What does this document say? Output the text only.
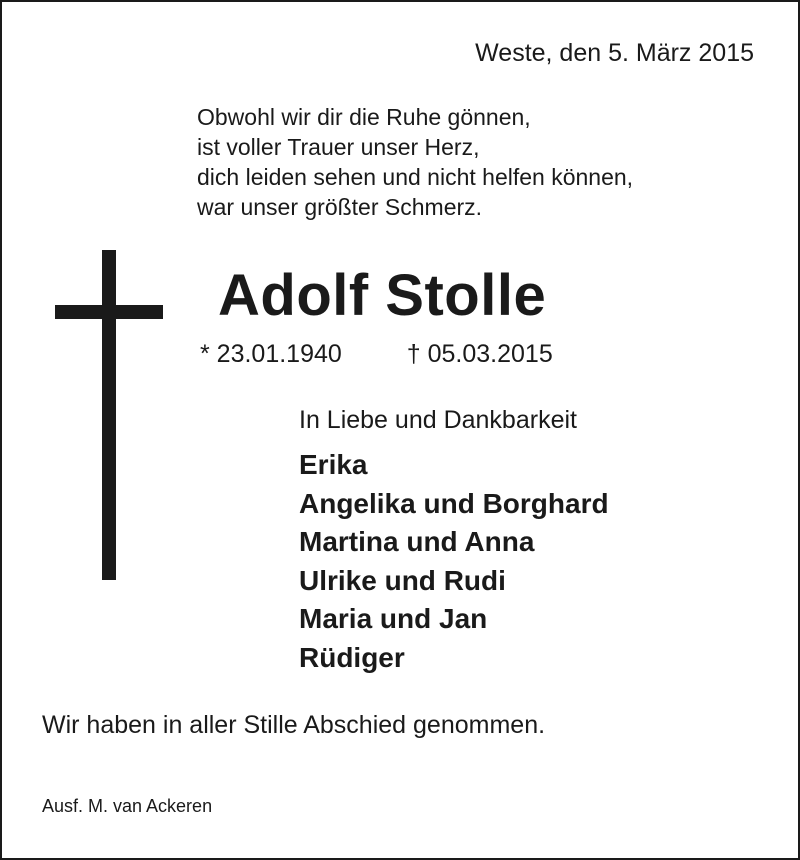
Weste, den 5. März 2015
Obwohl wir dir die Ruhe gönnen,
ist voller Trauer unser Herz,
dich leiden sehen und nicht helfen können,
war unser größter Schmerz.
Adolf Stolle
* 23.01.1940	† 05.03.2015
In Liebe und Dankbarkeit
Erika
Angelika und Borghard
Martina und Anna
Ulrike und Rudi
Maria und Jan
Rüdiger
Wir haben in aller Stille Abschied genommen.
Ausf. M. van Ackeren
